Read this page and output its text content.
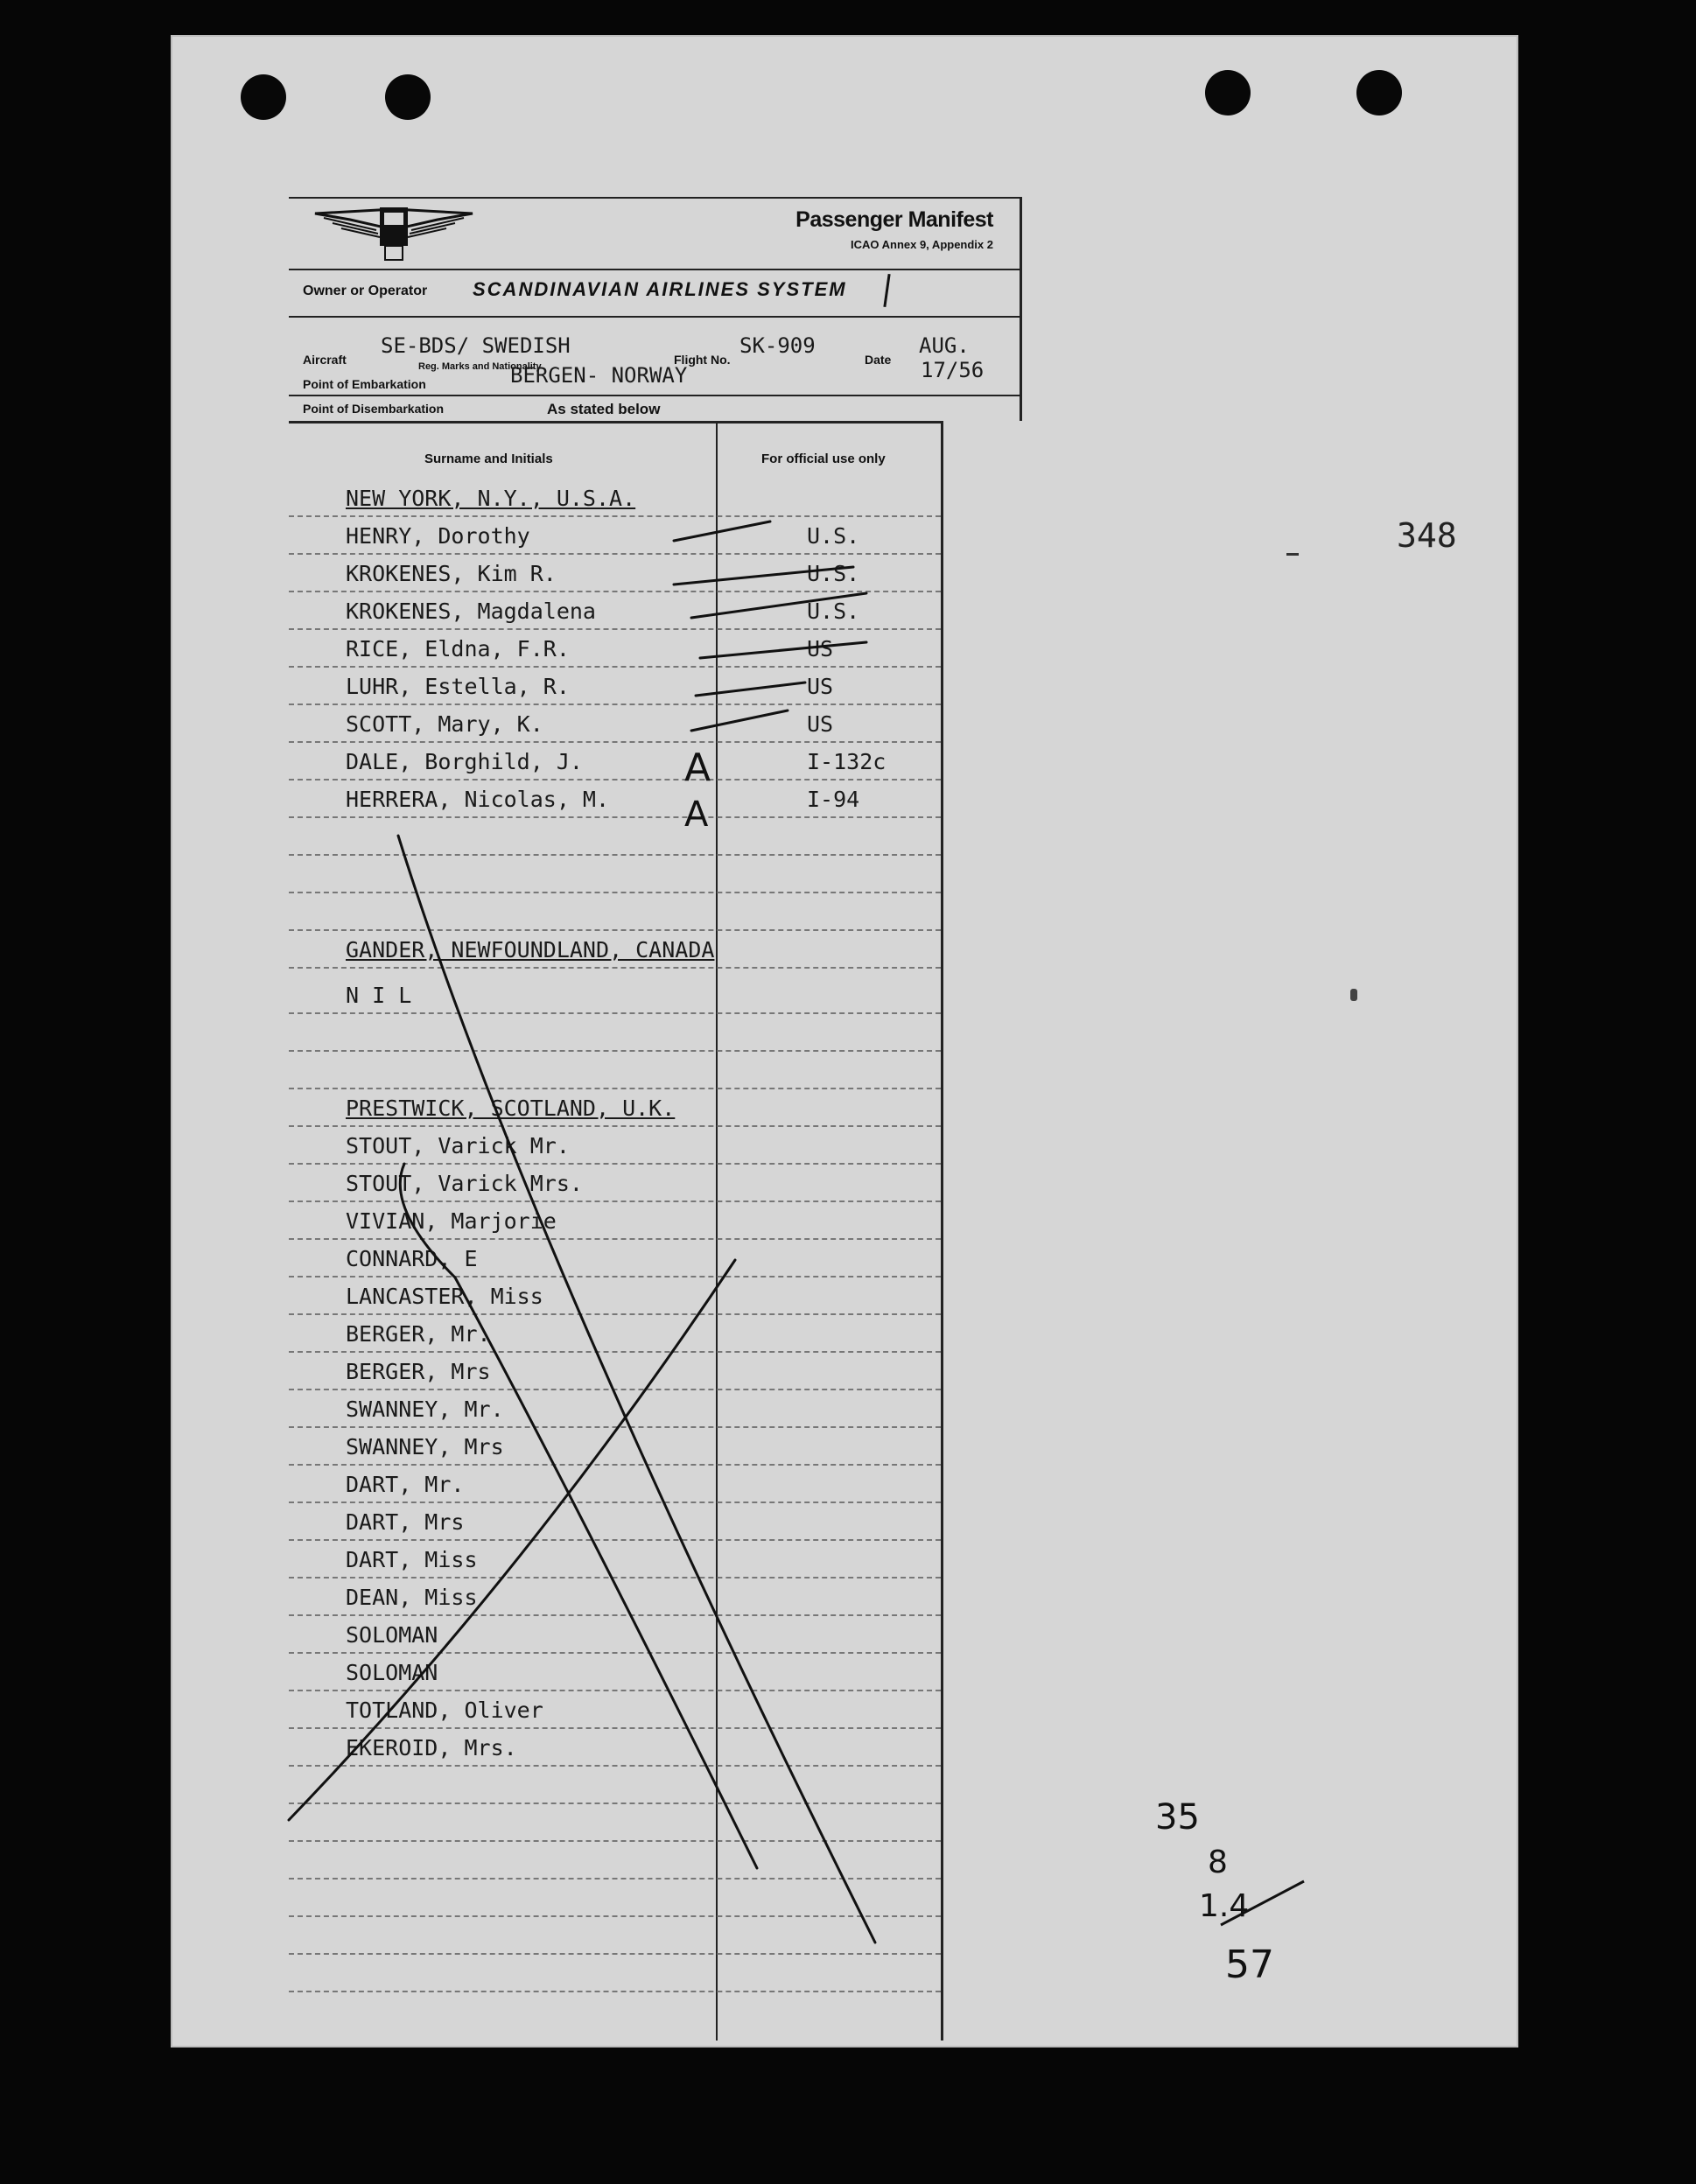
348
Passenger Manifest
ICAO Annex 9, Appendix 2
Owner or Operator SCANDINAVIAN AIRLINES SYSTEM
Aircraft
SE-BDS/ SWEDISH
Reg. Marks and Nationality	Flight No.
SK-909
Date
AUG.
17/56
Point of Embarkation	BERGEN- NORWAY
Point of Disembarkation	As stated below
Surname and Initials	For official use only
NEW YORK, N.Y., U.S.A.
HENRY, Dorothy	U.S.
KROKENES, Kim R.	U.S.
KROKENES, Magdalena	U.S.
RICE, Eldna, F.R.	US
LUHR, Estella, R.	US
SCOTT, Mary, K.	US
DALE, Borghild, J.	I-132c
HERRERA, Nicolas, M.	I-94
GANDER, NEWFOUNDLAND, CANADA
N I L
PRESTWICK, SCOTLAND, U.K.
STOUT, Varick Mr.
STOUT, Varick Mrs.
VIVIAN, Marjorie
CONNARD, E
LANCASTER, Miss
BERGER, Mr.
BERGER, Mrs
SWANNEY, Mr.
SWANNEY, Mrs
DART, Mr.
DART, Mrs
DART, Miss
DEAN, Miss
SOLOMAN
SOLOMAN
TOTLAND, Oliver
EKEROID, Mrs.
A
A
35
8
1.4
57
